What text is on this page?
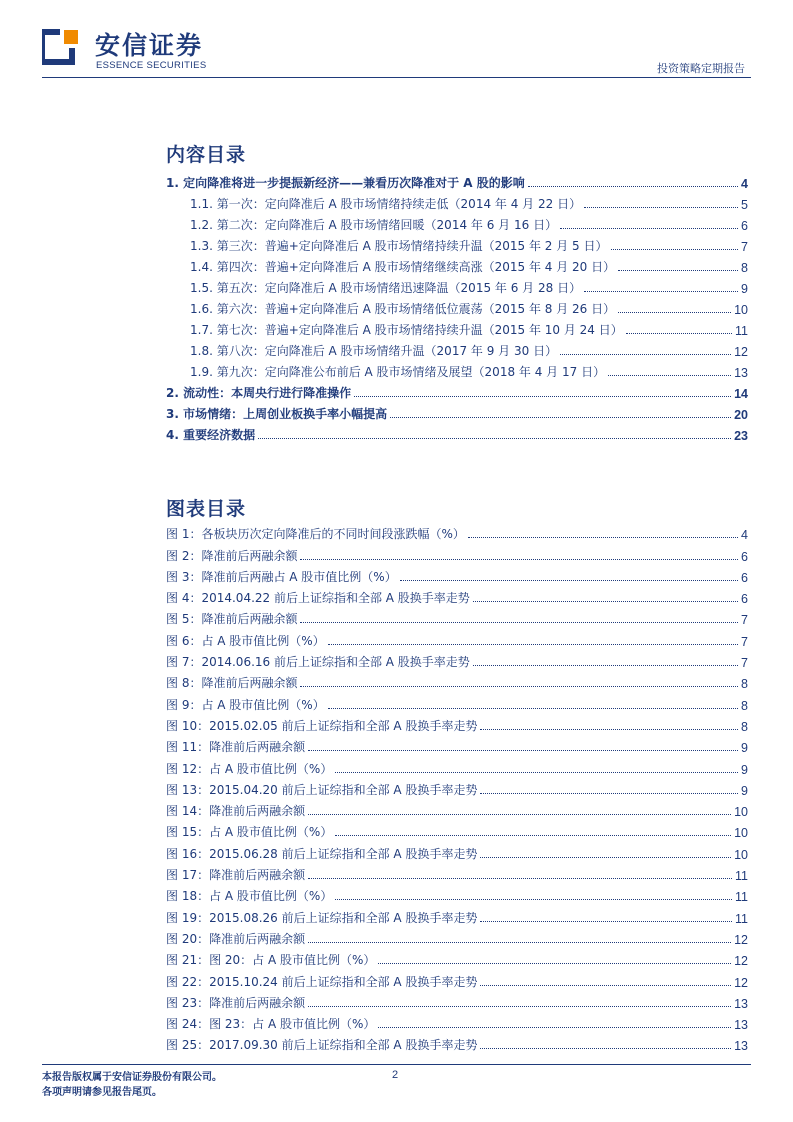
安信证券
ESSENCE SECURITIES	投资策略定期报告
内容目录
1. 定向降准将进一步提振新经济——兼看历次降准对于 A 股的影响	4
1.1. 第一次：定向降准后 A 股市场情绪持续走低（2014 年 4 月 22 日）	5
1.2. 第二次：定向降准后 A 股市场情绪回暖（2014 年 6 月 16 日）	6
1.3. 第三次：普遍+定向降准后 A 股市场情绪持续升温（2015 年 2 月 5 日）	7
1.4. 第四次：普遍+定向降准后 A 股市场情绪继续高涨（2015 年 4 月 20 日）	8
1.5. 第五次：定向降准后 A 股市场情绪迅速降温（2015 年 6 月 28 日）	9
1.6. 第六次：普遍+定向降准后 A 股市场情绪低位震荡（2015 年 8 月 26 日）	10
1.7. 第七次：普遍+定向降准后 A 股市场情绪持续升温（2015 年 10 月 24 日）	11
1.8. 第八次：定向降准后 A 股市场情绪升温（2017 年 9 月 30 日）	12
1.9. 第九次：定向降准公布前后 A 股市场情绪及展望（2018 年 4 月 17 日）	13
2. 流动性：本周央行进行降准操作	14
3. 市场情绪：上周创业板换手率小幅提高	20
4. 重要经济数据	23
图表目录
图 1：各板块历次定向降准后的不同时间段涨跌幅（%）	4
图 2：降准前后两融余额	6
图 3：降准前后两融占 A 股市值比例（%）	6
图 4：2014.04.22 前后上证综指和全部 A 股换手率走势	6
图 5：降准前后两融余额	7
图 6：占 A 股市值比例（%）	7
图 7：2014.06.16 前后上证综指和全部 A 股换手率走势	7
图 8：降准前后两融余额	8
图 9：占 A 股市值比例（%）	8
图 10：2015.02.05 前后上证综指和全部 A 股换手率走势	8
图 11：降准前后两融余额	9
图 12：占 A 股市值比例（%）	9
图 13：2015.04.20 前后上证综指和全部 A 股换手率走势	9
图 14：降准前后两融余额	10
图 15：占 A 股市值比例（%）	10
图 16：2015.06.28 前后上证综指和全部 A 股换手率走势	10
图 17：降准前后两融余额	11
图 18：占 A 股市值比例（%）	11
图 19：2015.08.26 前后上证综指和全部 A 股换手率走势	11
图 20：降准前后两融余额	12
图 21：图 20：占 A 股市值比例（%）	12
图 22：2015.10.24 前后上证综指和全部 A 股换手率走势	12
图 23：降准前后两融余额	13
图 24：图 23：占 A 股市值比例（%）	13
图 25：2017.09.30 前后上证综指和全部 A 股换手率走势	13
本报告版权属于安信证券股份有限公司。
各项声明请参见报告尾页。
2
